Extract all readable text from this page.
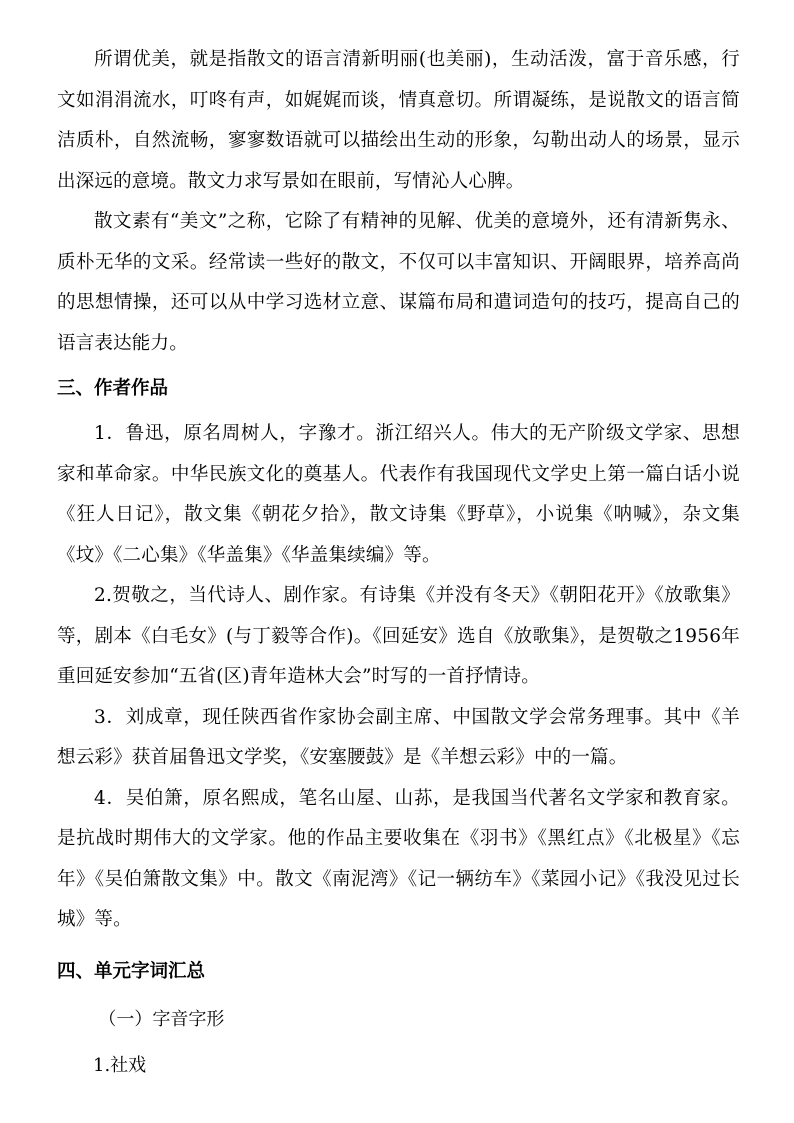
所谓优美，就是指散文的语言清新明丽(也美丽)，生动活泼，富于音乐感，行文如涓涓流水，叮咚有声，如娓娓而谈，情真意切。所谓凝练，是说散文的语言简洁质朴，自然流畅，寥寥数语就可以描绘出生动的形象，勾勒出动人的场景，显示出深远的意境。散文力求写景如在眼前，写情沁人心脾。

散文素有“美文”之称，它除了有精神的见解、优美的意境外，还有清新隽永、质朴无华的文采。经常读一些好的散文，不仅可以丰富知识、开阔眼界，培养高尚的思想情操，还可以从中学习选材立意、谋篇布局和遣词造句的技巧，提高自己的语言表达能力。

三、作者作品

1．鲁迅，原名周树人，字豫才。浙江绍兴人。伟大的无产阶级文学家、思想家和革命家。中华民族文化的奠基人。代表作有我国现代文学史上第一篇白话小说《狂人日记》，散文集《朝花夕拾》，散文诗集《野草》，小说集《呐喊》，杂文集《坟》《二心集》《华盖集》《华盖集续编》等。

2.贺敬之，当代诗人、剧作家。有诗集《并没有冬天》《朝阳花开》《放歌集》等，剧本《白毛女》(与丁毅等合作)。《回延安》选自《放歌集》，是贺敬之1956年重回延安参加“五省(区)青年造林大会”时写的一首抒情诗。

3．刘成章，现任陕西省作家协会副主席、中国散文学会常务理事。其中《羊想云彩》获首届鲁迅文学奖，《安塞腰鼓》是《羊想云彩》中的一篇。

4．吴伯箫，原名熙成，笔名山屋、山荪，是我国当代著名文学家和教育家。是抗战时期伟大的文学家。他的作品主要收集在《羽书》《黑红点》《北极星》《忘年》《吴伯箫散文集》中。散文《南泥湾》《记一辆纺车》《菜园小记》《我没见过长城》等。

四、单元字词汇总

（一）字音字形

1.社戏
